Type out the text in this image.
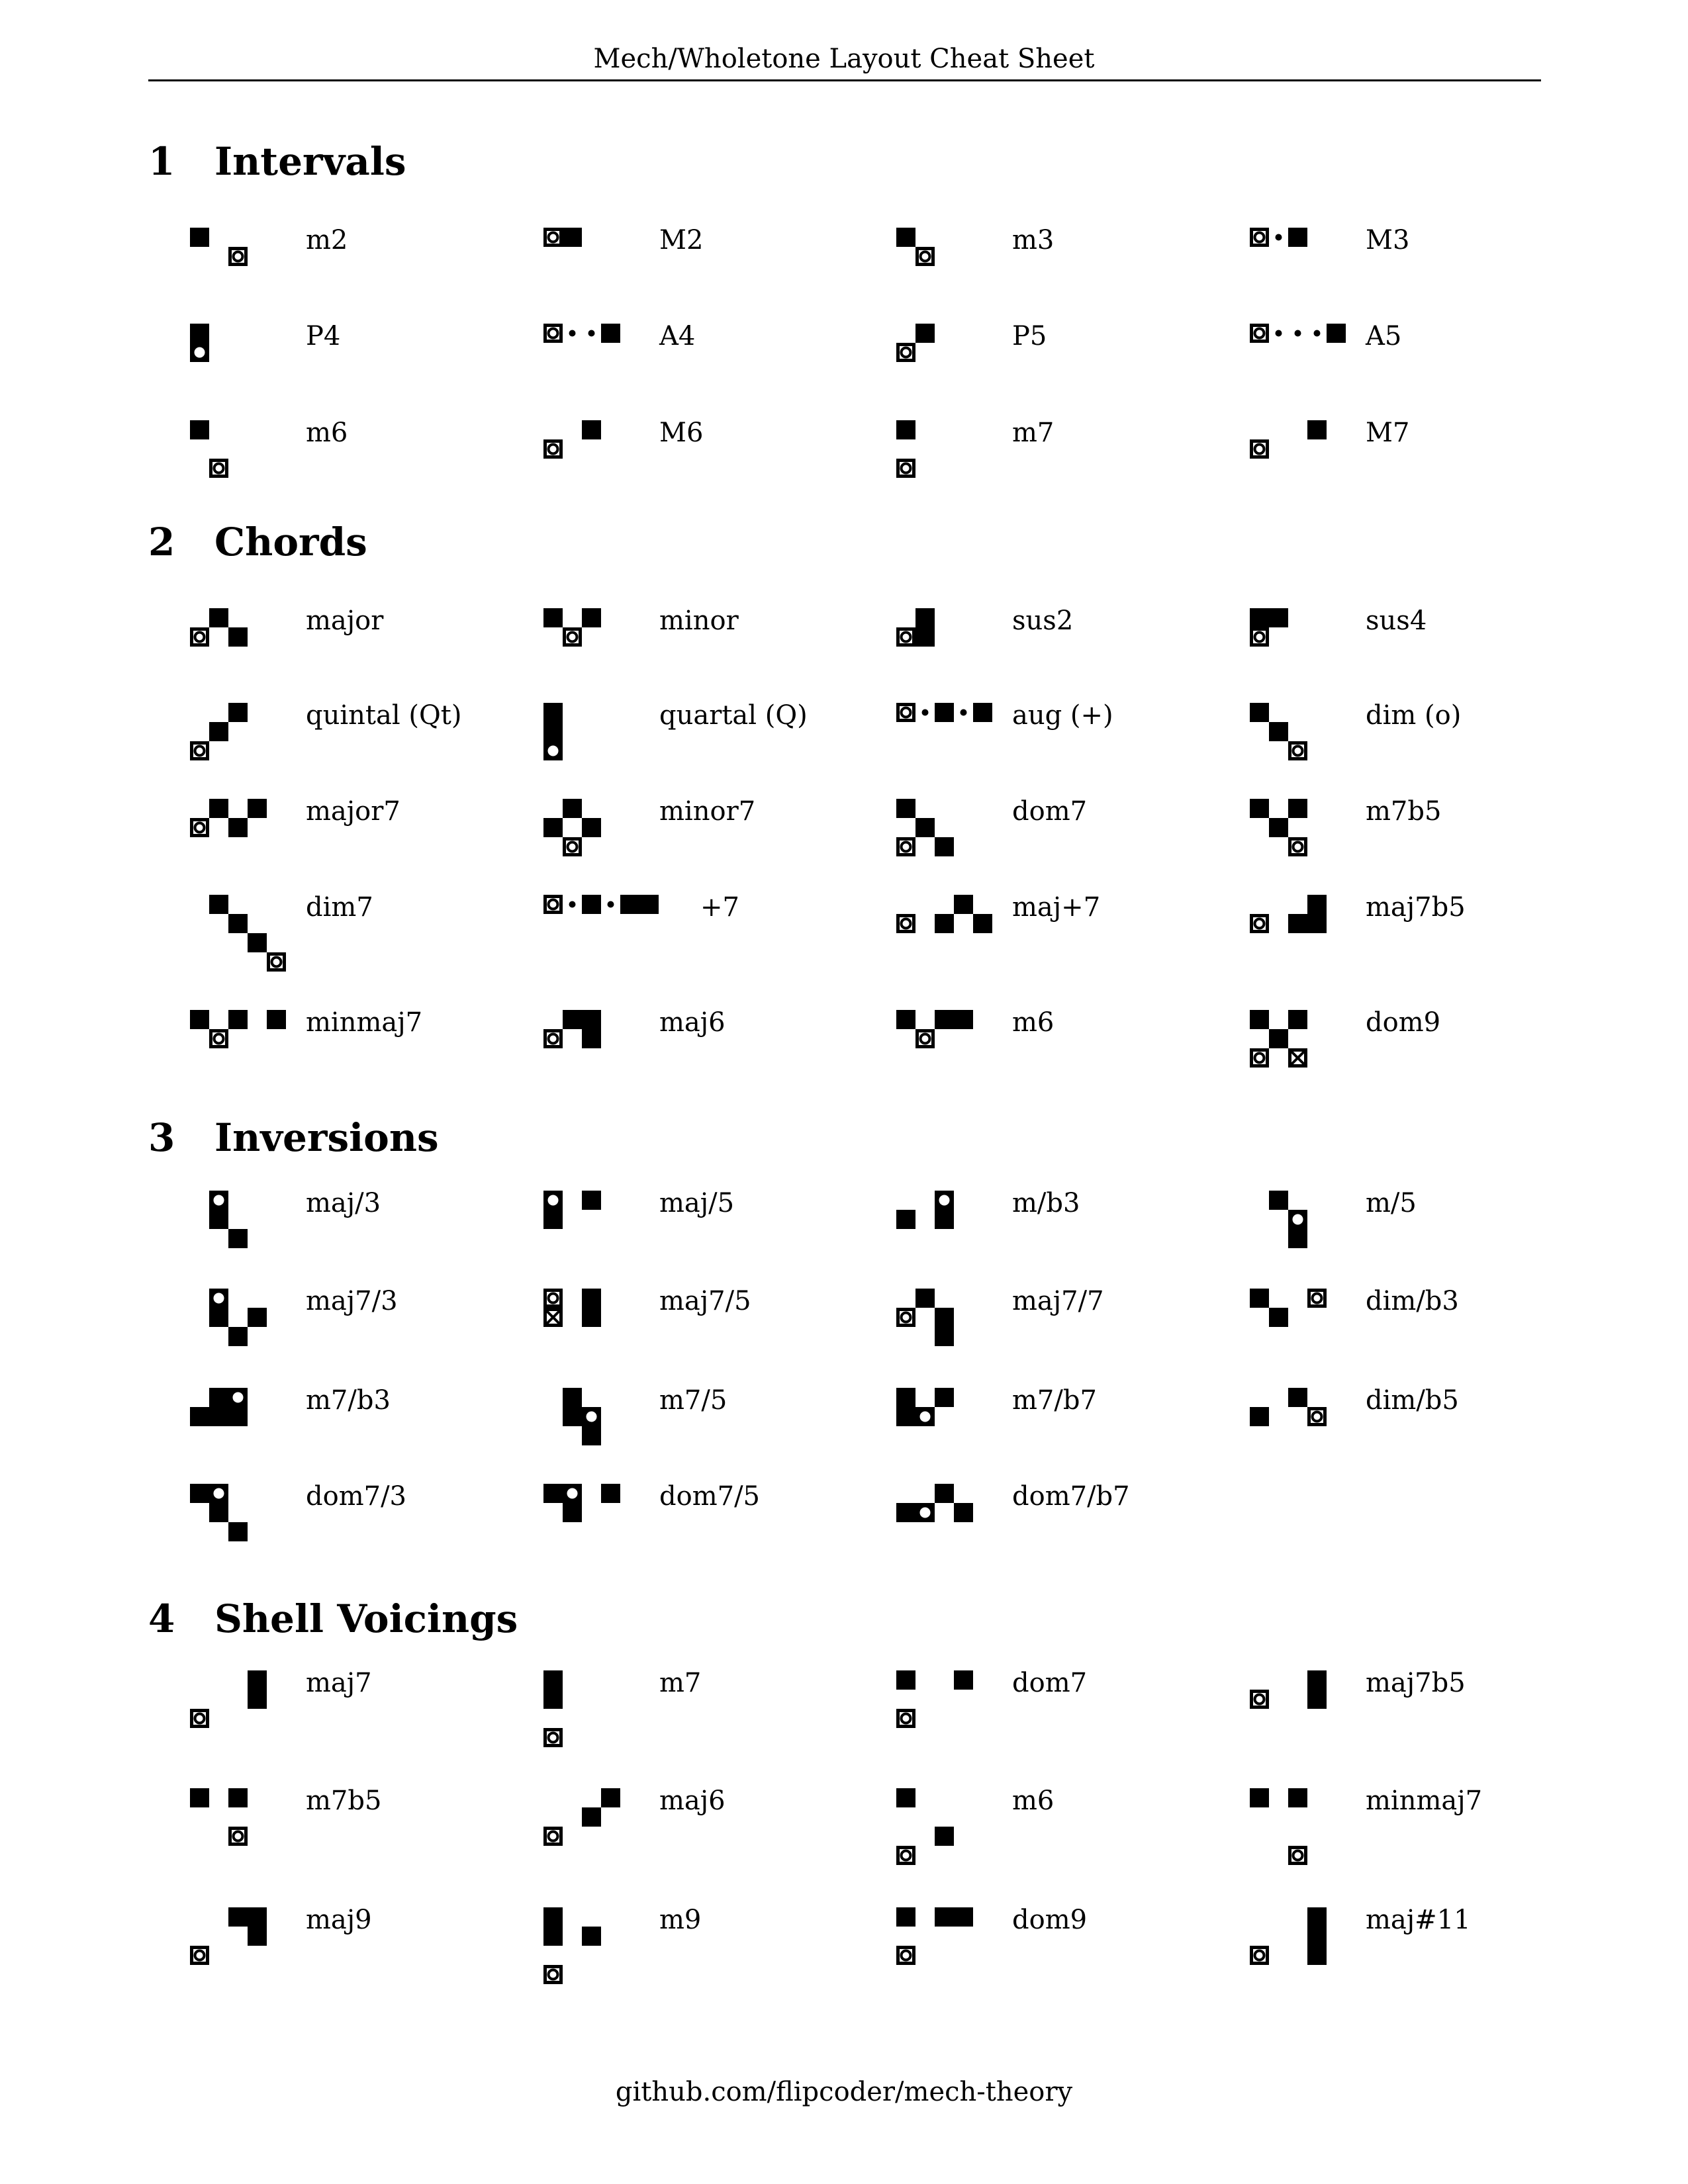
Mech/Wholetone Layout Cheat Sheet
1 Intervals
m2	M2	m3	M3
P4	A4	P5	A5
m6	M6	m7	M7
2 Chords
major	minor	sus2	sus4
quintal (Qt)	quartal (Q)	aug (+)	dim (o)
major7	minor7	dom7	m7b5
dim7	+7	maj+7	maj7b5
minmaj7	maj6	m6	dom9
3 Inversions
maj/3	maj/5	m/b3	m/5
maj7/3	maj7/5	maj7/7	dim/b3
m7/b3	m7/5	m7/b7	dim/b5
dom7/3	dom7/5	dom7/b7
4 Shell Voicings
maj7	m7	dom7	maj7b5
m7b5	maj6	m6	minmaj7
maj9	m9	dom9	maj#11
github.com/flipcoder/mech-theory
